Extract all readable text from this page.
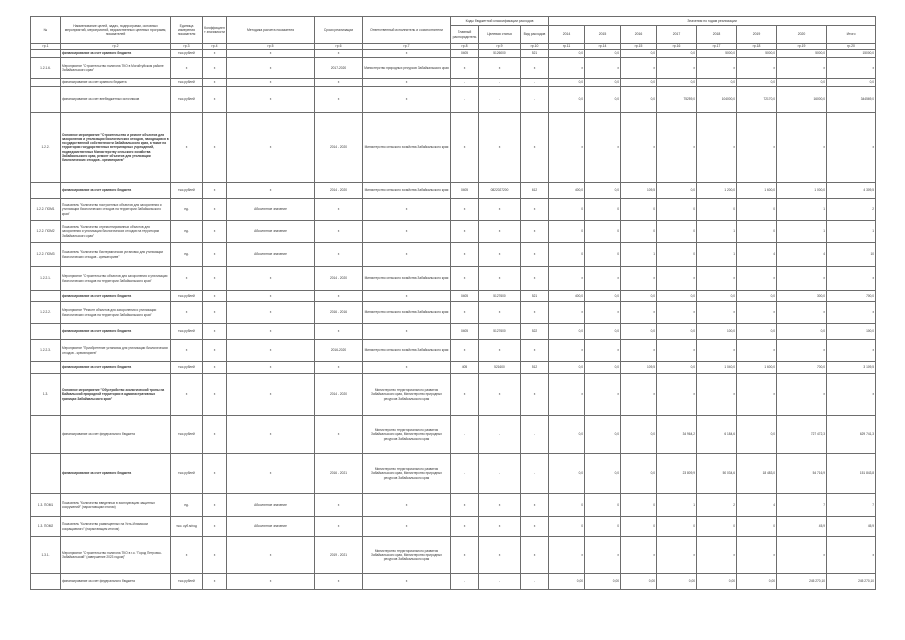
№	Наименование целей, задач, подпрограмм, основных мероприятий, мероприятий, ведомственных целевых программ, показателей	Единица измерения показателя	Коэффициент значимости	Методика расчета показателя	Сроки реализации	Ответственный исполнитель и соисполнители	Коды бюджетной классификации расходов			Значения по годам реализации							
							Главный распорядитель	Целевая статья	Вид расходов	2014	2015	2016	2017	2018	2019	2020	Итого
гр.1	гр.2	гр.3	гр.4	гр.5	гр.6	гр.7	гр.8	гр.9	гр.10	гр.11	гр.14	гр.15	гр.16	гр.17	гр.18	гр.19	гр.20
	финансирование за счет краевого бюджета	тыс.рублей	х	х	х	х	0405	5126000	521	0,0	0,0	0,0	0,0	5000,0	5000,0	5000,0	15000,0
1.2.1.6.	Мероприятие "Строительство полигона ТКО в Могойтуйском районе Забайкальского края"	х	х	х	2017-2020	Министерство природных ресурсов Забайкальского края	х	х	х	х	х	х	х	х	х	х	х
	финансирование за счет краевого бюджета	тыс.рублей	х	х	х	х	-	-	-	0,0	0,0	0,0	0,0	0,0	0,0	0,0	0,0
	финансирование за счет внебюджетных источников	тыс.рублей	х	х	х	х	-	-	-	0,0	0,0	0,0	75259,0	104000,0	72170,0	16000,0	344569,0
1.2.2.	Основное мероприятие "Строительство и ремонт объектов для захоронения и утилизации биологических отходов, находящихся в государственной собственности Забайкальского края, а также на территории государственных ветеринарных учреждений, подведомственных Министерству сельского хозяйства Забайкальского края, ремонт объектов для утилизации биологических отходов - крематориев"	х	х	х	2014 - 2020	Министерство сельского хозяйства Забайкальского края	х	х	х	х	х	х	х	х	х	х	х
	финансирование за счет краевого бюджета	тыс.рублей	х	х	2014 - 2020	Министерство сельского хозяйства Забайкальского края	0405	0822027200	612	400,0	0,0	109,5	0,0	1 200,0	1 600,0	1 000,0	4 309,5
1.2.2. ПОМ1	Показатель "Количество построенных объектов для захоронения и утилизации биологических отходов на территории Забайкальского края"	ед.	х	Абсолютное значение	х	х	х	х	х	0	0	0	0	0	0	1	2
1.2.2. ПОМ2	Показатель "Количество отремонтированных объектов для захоронения и утилизации биологических отходов на территории Забайкальского края"	ед.	х	Абсолютное значение	х	х	х	х	х	0	0	0	0	1	0	1	1
1.2.2. ПОМ3	Показатель "Количество биотермических установок для утилизации биологических отходов - крематориев"	ед.	х	Абсолютное значение	х	х	х	х	х	0	0	1	0	1	4	4	10
1.2.2.1.	Мероприятие "Строительство объектов для захоронения и утилизации биологических отходов на территории Забайкальского края"	х	х	х	2014 - 2020	Министерство сельского хозяйства Забайкальского края	х	х	х	х	х	х	х	х	х	х	х
	финансирование за счет краевого бюджета	тыс.рублей	х	х	х	х	0405	5127600	521	400,0	0,0	0,0	0,0	0,0	0,0	300,0	700,0
1.2.2.2.	Мероприятие "Ремонт объектов для захоронения и утилизации биологических отходов на территории Забайкальского края"	х	х	х	2016 - 2016	Министерство сельского хозяйства Забайкальского края	х	х	х	х	х	х	х	х	х	х	х
	финансирование за счет краевого бюджета	тыс.рублей	х	х	х	х	0405	5127600	522	0,0	0,0	0,0	0,0	100,0	0,0	0,0	100,0
1.2.2.3.	Мероприятие "Приобретение установок для утилизации биологических отходов - крематориев"	х	х	х	2016-2020	Министерство сельского хозяйства Забайкальского края	х	х	х	х	х	х	х	х	х	х	х
	финансирование за счет краевого бюджета	тыс.рублей	х	х	х	х	405	521600	512	0,0	0,0	109,5	0,0	1 040,0	1 600,0	700,0	3 109,5
1.3.	Основное мероприятие "Обустройство экологической тропы на Байкальской природной территории в административных границах Забайкальского края"	х	х	х	2014 - 2020	Министерство территориального развития Забайкальского края, Министерство природных ресурсов Забайкальского края	х	х	х	х	х	х	х	х	х	х	х
	финансирование за счет федерального бюджета	тыс.рублей	х	х	х	Министерство территориального развития Забайкальского края, Министерство природных ресурсов Забайкальского края	-	-	-	0,0	0,0	0,0	34 964,2	6 184,6	0,0	727 472,3	629 741,3
	финансирование за счет краевого бюджета	тыс.рублей	х	х	2016 - 2021	Министерство территориального развития Забайкальского края, Министерство природных ресурсов Забайкальского края	-	-	-	0,0	0,0	0,0	23 809,9	50 034,6	18 483,0	54 716,9	151 843,8
1.3. ПОМ1	Показатель "Количество введенных в эксплуатацию защитных сооружений" (нарастающим итогом)	ед.	х	Абсолютное значение	х	х	х	х	х	0	0	0	1	2	4	7	7
1.3. ПОМ2	Показатель "Количество размещенных на Усть-Илимском сокращаемого" (нарастающим итогом)	тыс. куб.м/год	х	Абсолютное значение	х	х	х	х	х	0	0	0	0	0	0	45,9	45,9
1.3.1.	Мероприятие "Строительство полигона ТКО в г.о. "Город Петровск-Забайкальский" (завершение 2023 годом)"	х	х	х	2019 - 2021	Министерство территориального развития Забайкальского края, Министерство природных ресурсов Забайкальского края	х	х	х	х	х	х	х	х	х	х	х
	финансирование за счет федерального бюджета	тыс.рублей	х	х	х	х	-	-	-	0,00	0,00	0,00	0,00	0,00	0,00	245 270,10	245 270,10
